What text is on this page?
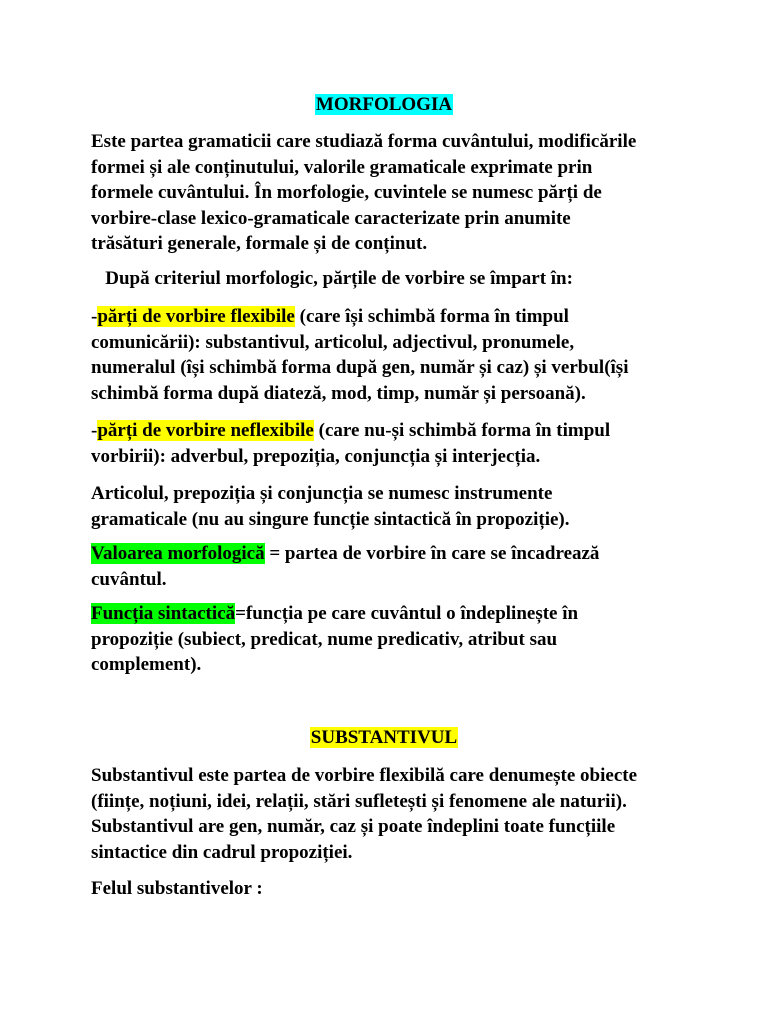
MORFOLOGIA

Este partea gramaticii care studiază forma cuvântului, modificările
formei și ale conținutului, valorile gramaticale exprimate prin
formele cuvântului. În morfologie, cuvintele se numesc părți de
vorbire-clase lexico-gramaticale caracterizate prin anumite
trăsături generale, formale și de conținut.

După criteriul morfologic, părțile de vorbire se împart în:

-părți de vorbire flexibile (care își schimbă forma în timpul
comunicării): substantivul, articolul, adjectivul, pronumele,
numeralul (își schimbă forma după gen, număr și caz) și verbul(își
schimbă forma după diateză, mod, timp, număr și persoană).

-părți de vorbire neflexibile (care nu-și schimbă forma în timpul
vorbirii): adverbul, prepoziția, conjuncția și interjecția.

Articolul, prepoziția și conjuncția se numesc instrumente
gramaticale (nu au singure funcție sintactică în propoziție).

Valoarea morfologică = partea de vorbire în care se încadrează
cuvântul.

Funcția sintactică=funcția pe care cuvântul o îndeplinește în
propoziție (subiect, predicat, nume predicativ, atribut sau
complement).

SUBSTANTIVUL

Substantivul este partea de vorbire flexibilă care denumește obiecte
(ființe, noțiuni, idei, relații, stări sufletești și fenomene ale naturii).
Substantivul are gen, număr, caz și poate îndeplini toate funcțiile
sintactice din cadrul propoziției.

Felul substantivelor :
